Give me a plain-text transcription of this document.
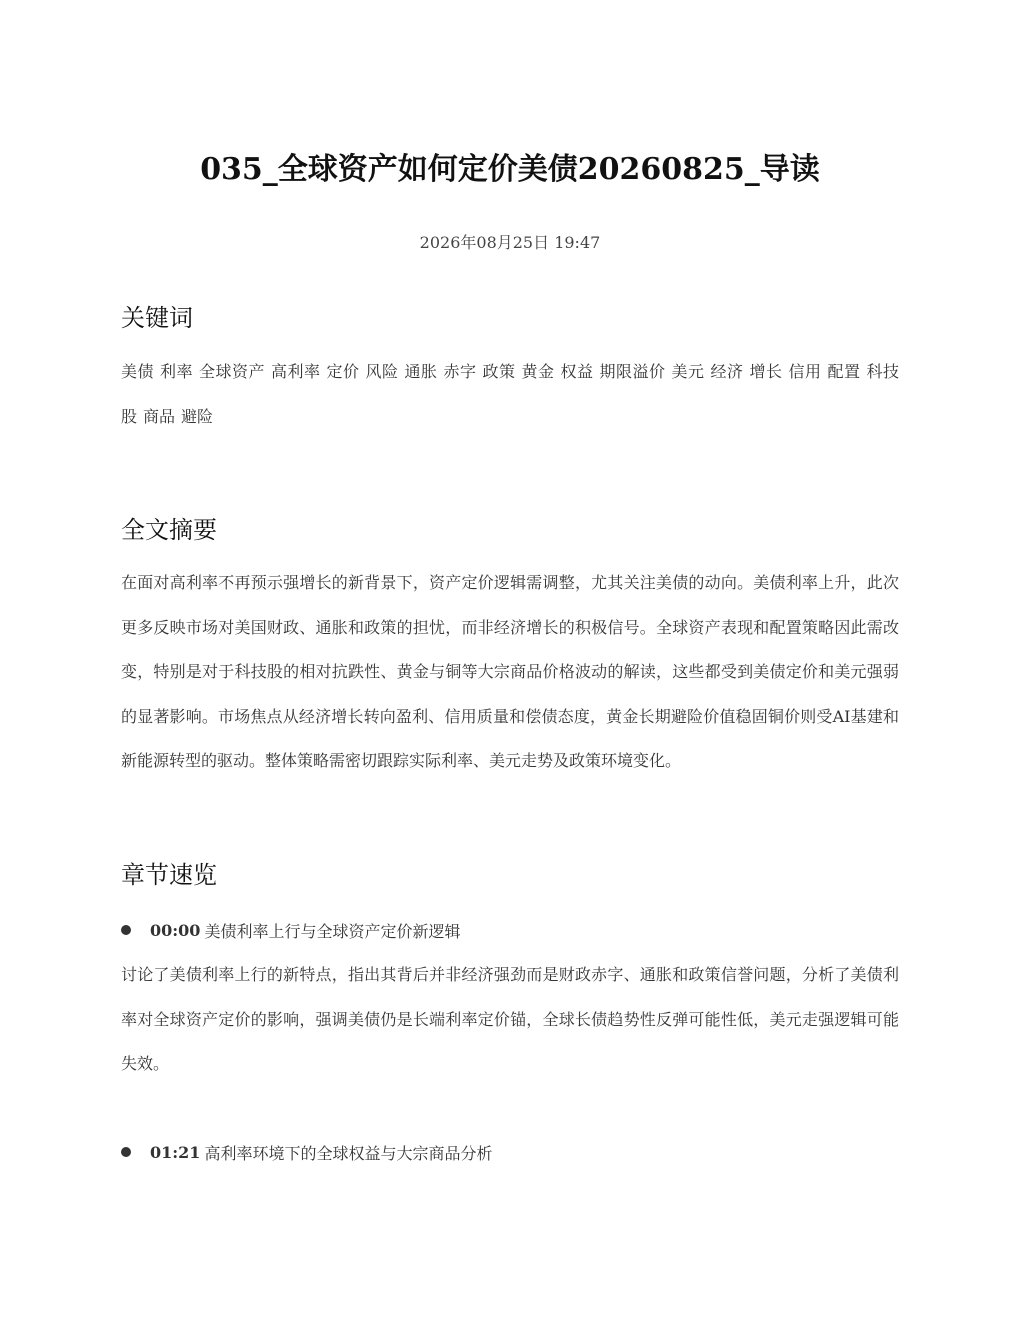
035_全球资产如何定价美债20260825_导读
2026年08月25日 19:47
关键词

美债 利率 全球资产 高利率 定价 风险 通胀 赤字 政策 黄金 权益 期限溢价 美元 经济 增长 信用 配置 科技股 商品 避险

全文摘要

在面对高利率不再预示强增长的新背景下，资产定价逻辑需调整，尤其关注美债的动向。美债利率上升，此次更多反映市场对美国财政、通胀和政策的担忧，而非经济增长的积极信号。全球资产表现和配置策略因此需改变，特别是对于科技股的相对抗跌性、黄金与铜等大宗商品价格波动的解读，这些都受到美债定价和美元强弱的显著影响。市场焦点从经济增长转向盈利、信用质量和偿债态度，黄金长期避险价值稳固铜价则受AI基建和新能源转型的驱动。整体策略需密切跟踪实际利率、美元走势及政策环境变化。

章节速览
00:00 美债利率上行与全球资产定价新逻辑

讨论了美债利率上行的新特点，指出其背后并非经济强劲而是财政赤字、通胀和政策信誉问题，分析了美债利率对全球资产定价的影响，强调美债仍是长端利率定价锚，全球长债趋势性反弹可能性低，美元走强逻辑可能失效。

01:21 高利率环境下的全球权益与大宗商品分析
